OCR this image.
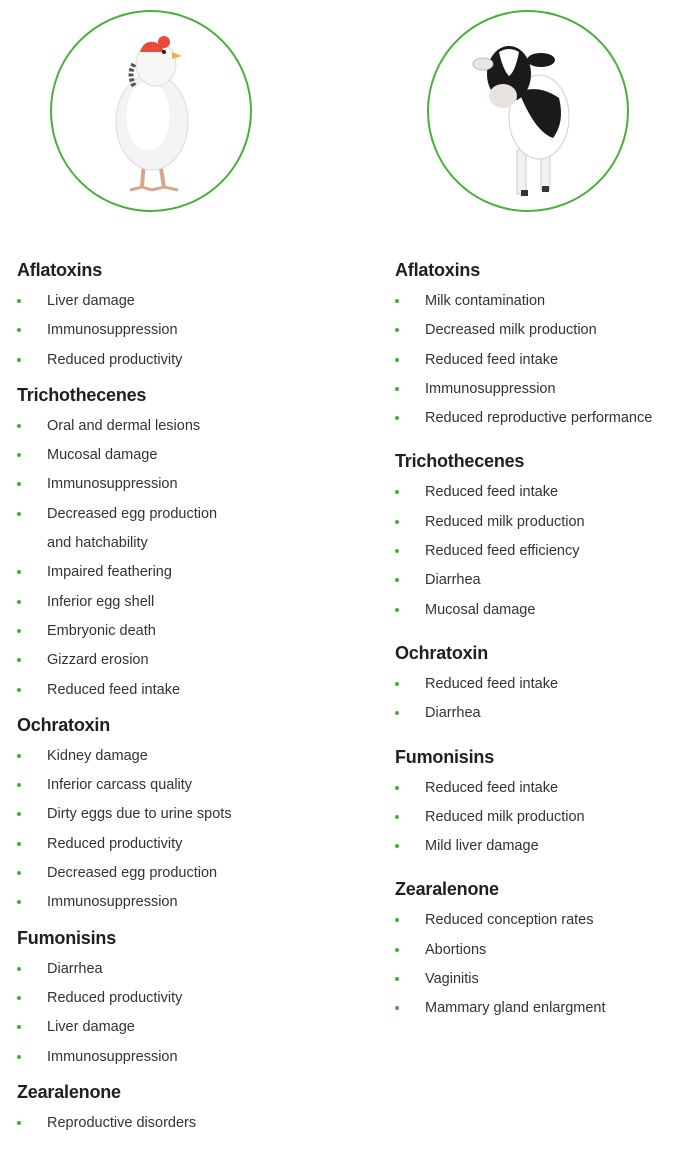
Aflatoxins
Liver damage
Immunosuppression
Reduced productivity
Trichothecenes
Oral and dermal lesions
Mucosal damage
Immunosuppression
Decreased egg production
and hatchability
Impaired feathering
Inferior egg shell
Embryonic death
Gizzard erosion
Reduced feed intake
Ochratoxin
Kidney damage
Inferior carcass quality
Dirty eggs due to urine spots
Reduced productivity
Decreased egg production
Immunosuppression
Fumonisins
Diarrhea
Reduced productivity
Liver damage
Immunosuppression
Zearalenone
Reproductive disorders
Aflatoxins
Milk contamination
Decreased milk production
Reduced feed intake
Immunosuppression
Reduced reproductive performance
Trichothecenes
Reduced feed intake
Reduced milk production
Reduced feed efficiency
Diarrhea
Mucosal damage
Ochratoxin
Reduced feed intake
Diarrhea
Fumonisins
Reduced feed intake
Reduced milk production
Mild liver damage
Zearalenone
Reduced conception rates
Abortions
Vaginitis
Mammary gland enlargment
